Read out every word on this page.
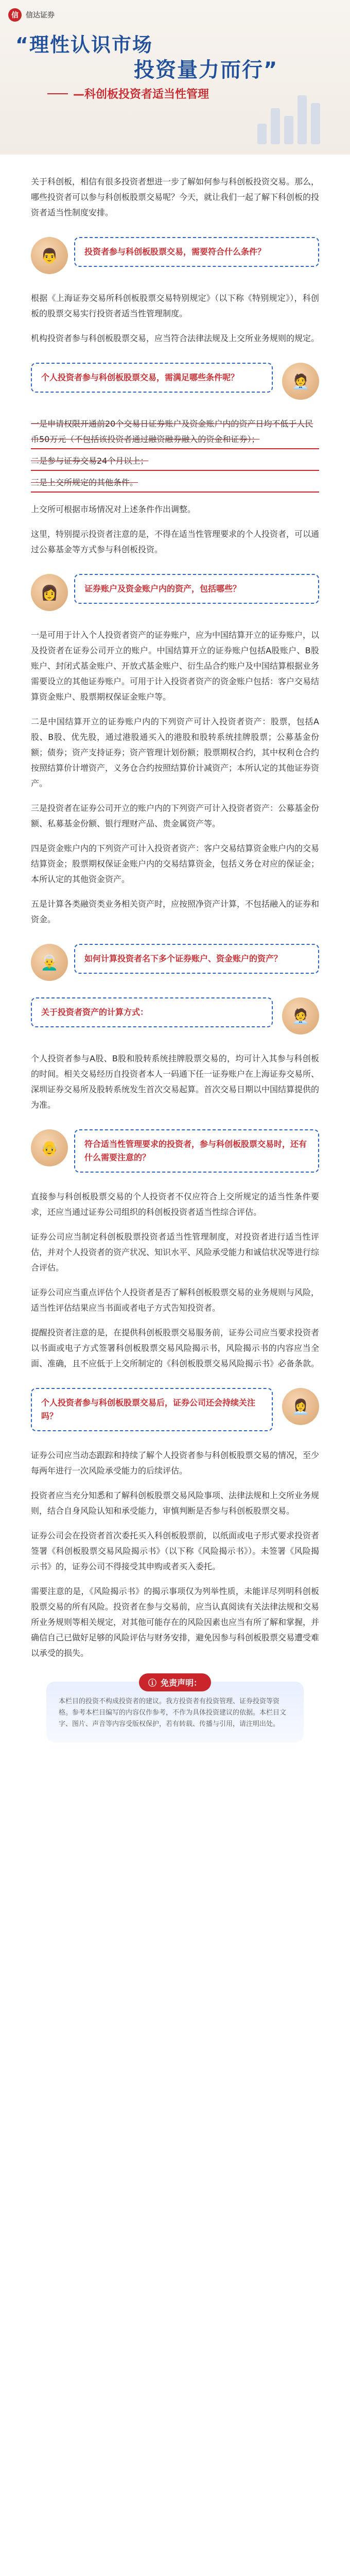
信	信达证券
“理性认识市场
投资量力而行”
—科创板投资者适当性管理

关于科创板，相信有很多投资者想进一步了解如何参与科创板投资交易。那么，哪些投资者可以参与科创板股票交易呢？今天，就让我们一起了解下科创板的投资者适当性制度安排。

👨	投资者参与科创板股票交易，需要符合什么条件？

根据《上海证券交易所科创板股票交易特别规定》（以下称《特别规定》），科创板的股票交易实行投资者适当性管理制度。

机构投资者参与科创板股票交易，应当符合法律法规及上交所业务规则的规定。

🧑‍💼
个人投资者参与科创板股票交易，需满足哪些条件呢？
一是申请权限开通前20个交易日证券账户及资金账户内的资产日均不低于人民币50万元（不包括该投资者通过融资融券融入的资金和证券）；
二是参与证券交易24个月以上；
三是上交所规定的其他条件。

上交所可根据市场情况对上述条件作出调整。

这里，特别提示投资者注意的是，不得在适当性管理要求的个人投资者，可以通过公募基金等方式参与科创板投资。

👩	证券账户及资金账户内的资产，包括哪些？

一是可用于计入个人投资者资产的证券账户，应为中国结算开立的证券账户，以及投资者在证券公司开立的账户。中国结算开立的证券账户包括A股账户、B股账户、封闭式基金账户、开放式基金账户、衍生品合约账户及中国结算根据业务需要设立的其他证券账户。可用于计入投资者资产的资金账户包括：客户交易结算资金账户、股票期权保证金账户等。

二是中国结算开立的证券账户内的下列资产可计入投资者资产：股票，包括A股、B股、优先股，通过港股通买入的港股和股转系统挂牌股票；公募基金份额；债券；资产支持证券；资产管理计划份额；股票期权合约，其中权利仓合约按照结算价计增资产，义务仓合约按照结算价计减资产；本所认定的其他证券资产。

三是投资者在证券公司开立的账户内的下列资产可计入投资者资产：公募基金份额、私募基金份额、银行理财产品、贵金属资产等。

四是资金账户内的下列资产可计入投资者资产：客户交易结算资金账户内的交易结算资金；股票期权保证金账户内的交易结算资金，包括义务仓对应的保证金；本所认定的其他资金资产。

五是计算各类融资类业务相关资产时，应按照净资产计算，不包括融入的证券和资金。

👨‍🦳	如何计算投资者名下多个证券账户、资金账户的资产？
🧑‍💼
关于投资者资产的计算方式：

个人投资者参与A股、B股和股转系统挂牌股票交易的，均可计入其参与科创板的时间。相关交易经历自投资者本人一码通下任一证券账户在上海证券交易所、深圳证券交易所及股转系统发生首次交易起算。首次交易日期以中国结算提供的为准。

👴	符合适当性管理要求的投资者，参与科创板股票交易时，还有什么需要注意的？

直接参与科创板股票交易的个人投资者不仅应符合上交所规定的适当性条件要求，还应当通过证券公司组织的科创板投资者适当性综合评估。

证券公司应当制定科创板股票投资者适当性管理制度，对投资者进行适当性评估，并对个人投资者的资产状况、知识水平、风险承受能力和诚信状况等进行综合评估。

证券公司应当重点评估个人投资者是否了解科创板股票交易的业务规则与风险，适当性评估结果应当书面或者电子方式告知投资者。

提醒投资者注意的是，在提供科创板股票交易服务前，证券公司应当要求投资者以书面或电子方式签署科创板股票交易风险揭示书，风险揭示书的内容应当全面、准确，且不应低于上交所制定的《科创板股票交易风险揭示书》必备条款。

👩‍💼
个人投资者参与科创板股票交易后，证券公司还会持续关注吗？

证券公司应当动态跟踪和持续了解个人投资者参与科创板股票交易的情况，至少每两年进行一次风险承受能力的后续评估。

投资者应当充分知悉和了解科创板股票交易风险事项、法律法规和上交所业务规则，结合自身风险认知和承受能力，审慎判断是否参与科创板股票交易。

证券公司会在投资者首次委托买入科创板股票前，以纸面或电子形式要求投资者签署《科创板股票交易风险揭示书》（以下称《风险揭示书》）。未签署《风险揭示书》的，证券公司不得接受其申购或者买入委托。

需要注意的是，《风险揭示书》的揭示事项仅为列举性质，未能详尽列明科创板股票交易的所有风险。投资者在参与交易前，应当认真阅读有关法律法规和交易所业务规则等相关规定，对其他可能存在的风险因素也应当有所了解和掌握，并确信自己已做好足够的风险评估与财务安排，避免因参与科创板股票交易遭受难以承受的损失。

ⓘ 免责声明：
本栏目的投资不构成投资者的建议。我方投资者有投资管理、证券投资等资格。参考本栏目编写的内容仅作参考，不作为具体投资建议的依据。本栏目文字、图片、声音等内容受版权保护，若有转载、传播与引用，请注明出处。
